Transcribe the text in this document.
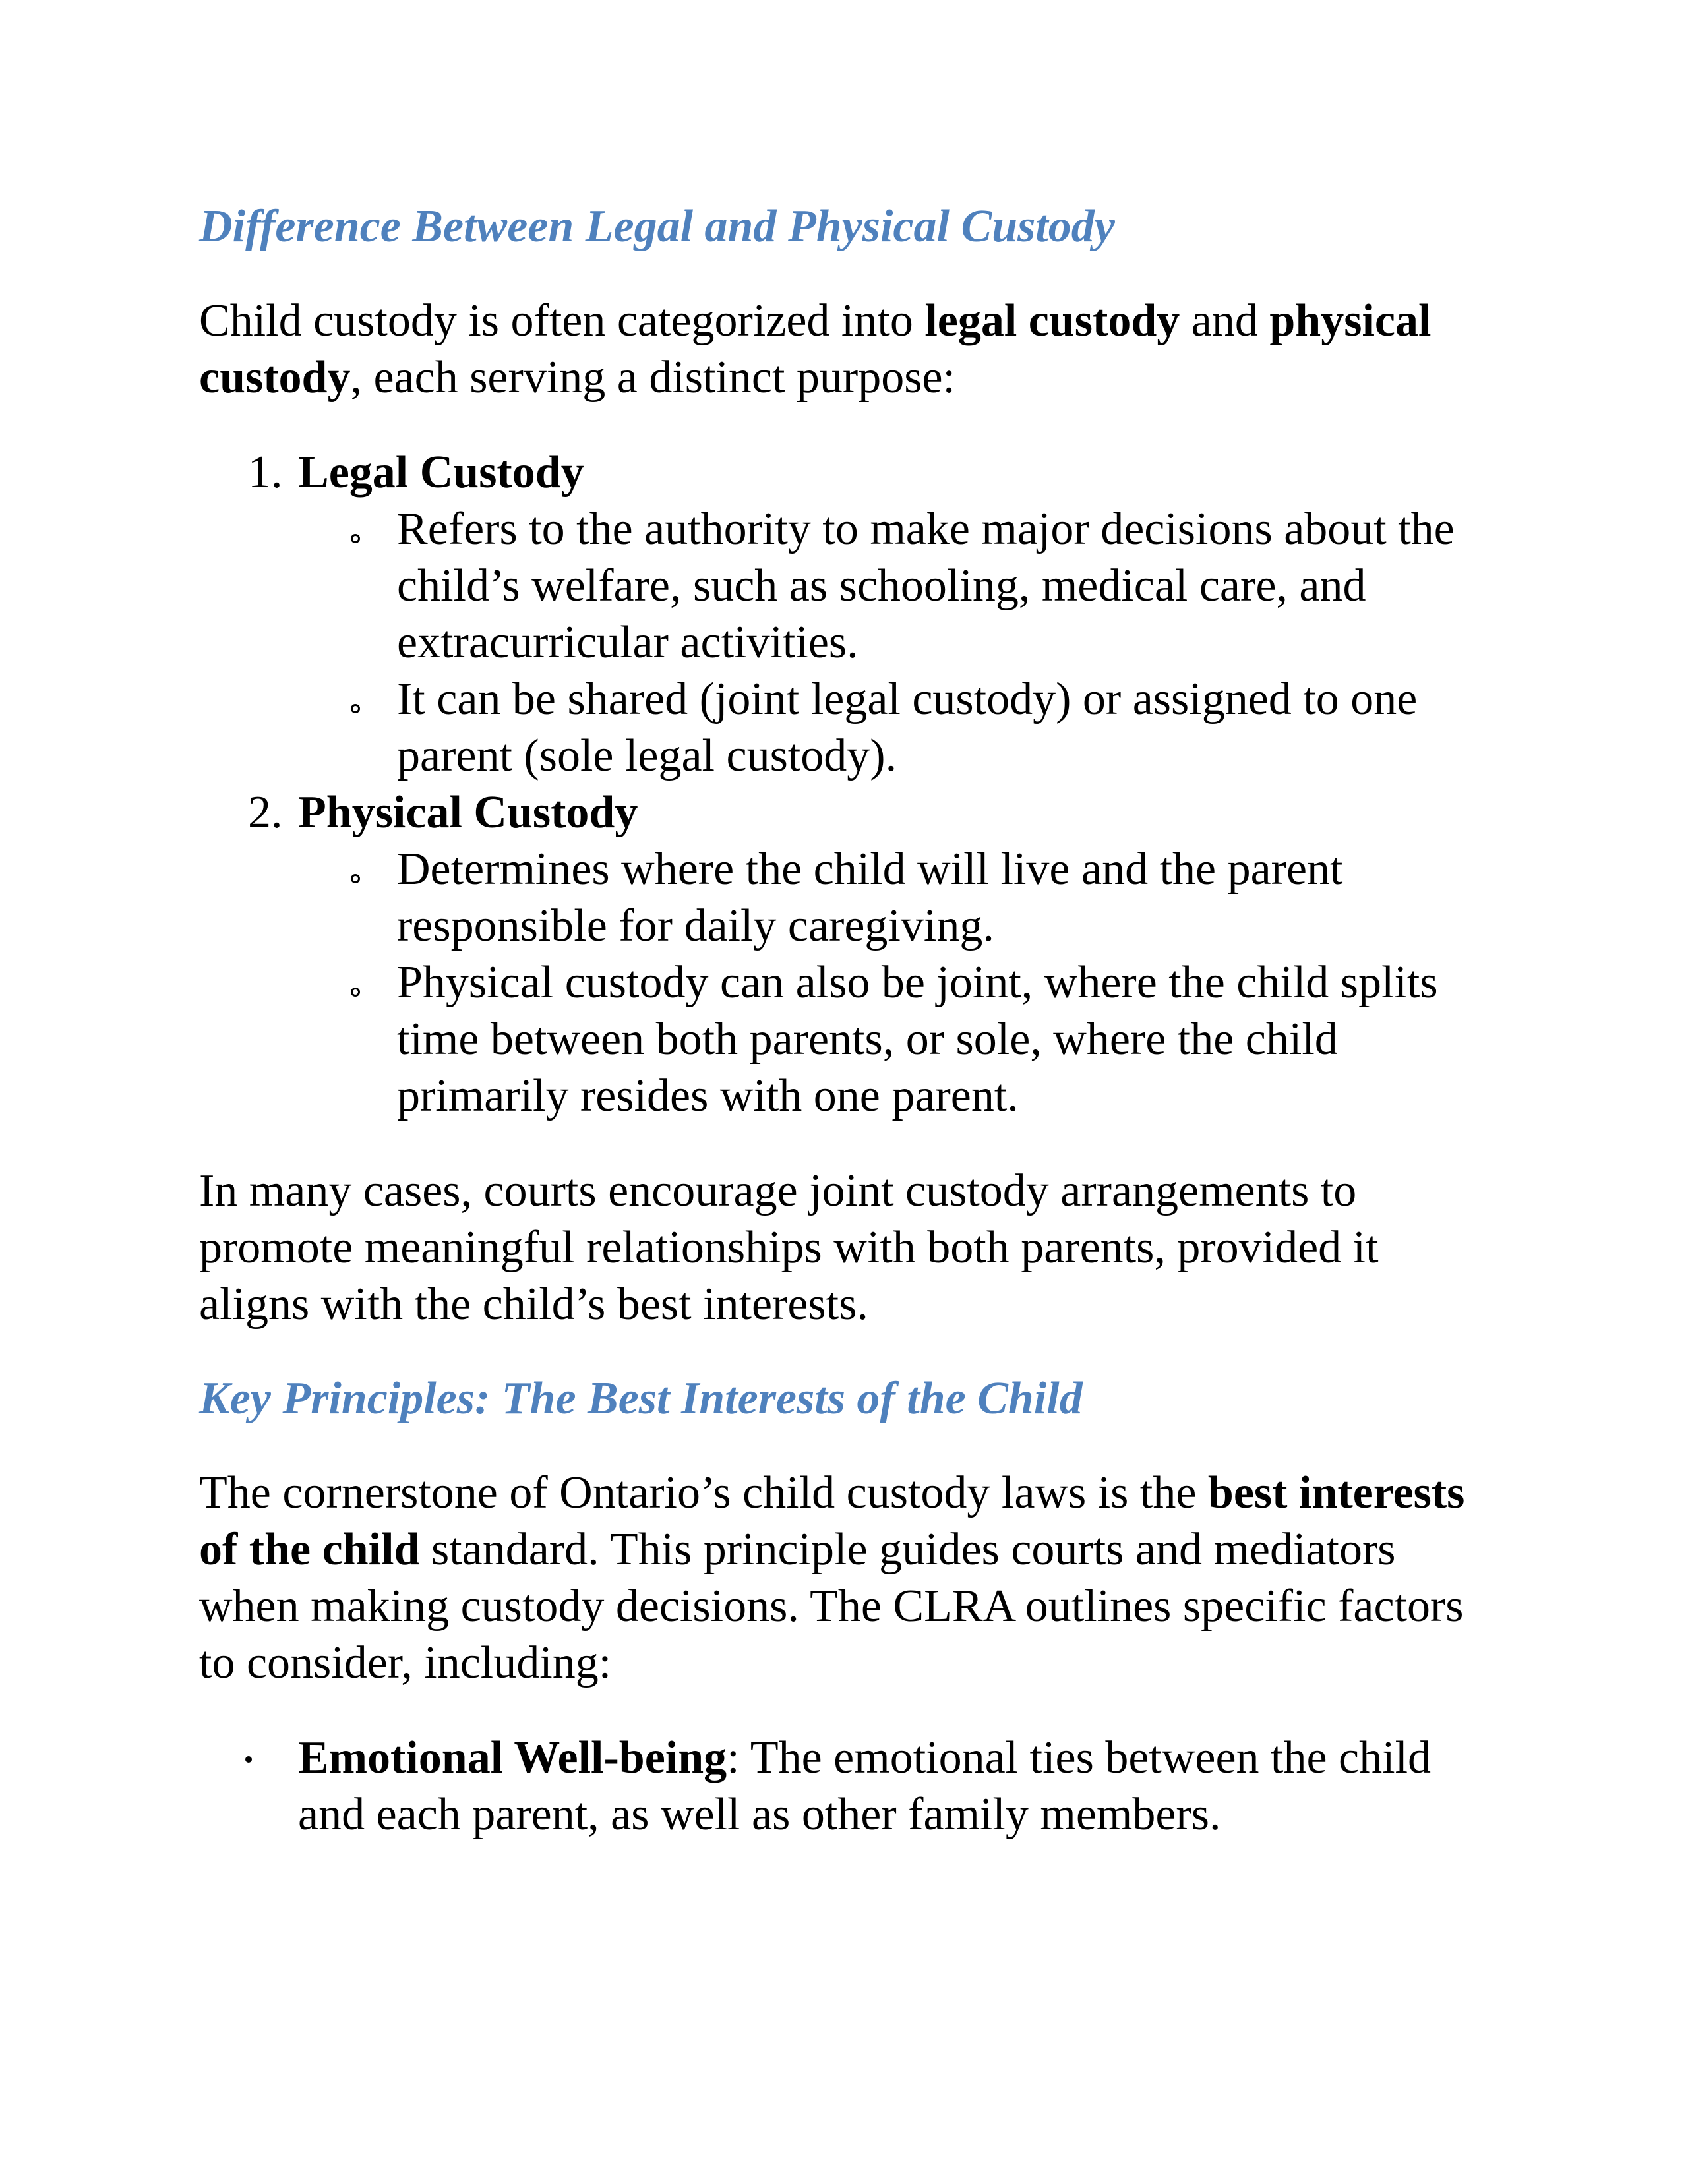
Difference Between Legal and Physical Custody

Child custody is often categorized into legal custody and physical custody, each serving a distinct purpose:

1. Legal Custody
Refers to the authority to make major decisions about the child’s welfare, such as schooling, medical care, and extracurricular activities.
It can be shared (joint legal custody) or assigned to one parent (sole legal custody).
2. Physical Custody
Determines where the child will live and the parent responsible for daily caregiving.
Physical custody can also be joint, where the child splits time between both parents, or sole, where the child primarily resides with one parent.

In many cases, courts encourage joint custody arrangements to promote meaningful relationships with both parents, provided it aligns with the child’s best interests.

Key Principles: The Best Interests of the Child

The cornerstone of Ontario’s child custody laws is the best interests of the child standard. This principle guides courts and mediators when making custody decisions. The CLRA outlines specific factors to consider, including:

Emotional Well-being: The emotional ties between the child and each parent, as well as other family members.
